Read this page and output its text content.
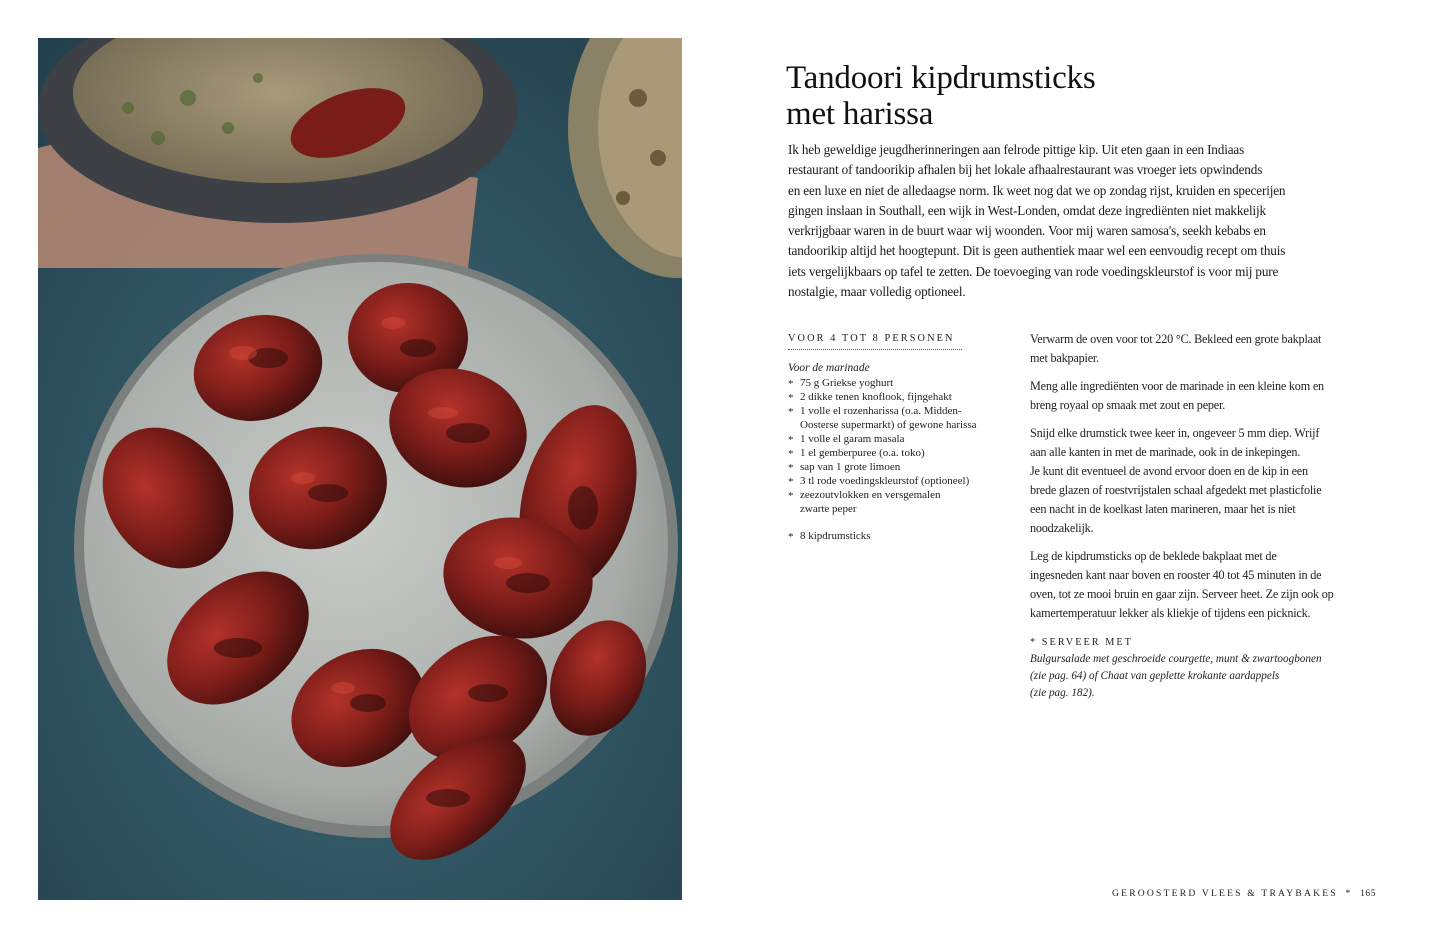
Tandoori kipdrumsticks
met harissa

Ik heb geweldige jeugdherinneringen aan felrode pittige kip. Uit eten gaan in een Indiaas
restaurant of tandoorikip afhalen bij het lokale afhaalrestaurant was vroeger iets opwindends
en een luxe en niet de alledaagse norm. Ik weet nog dat we op zondag rijst, kruiden en specerijen
gingen inslaan in Southall, een wijk in West-Londen, omdat deze ingrediënten niet makkelijk
verkrijgbaar waren in de buurt waar wij woonden. Voor mij waren samosa's, seekh kebabs en
tandoorikip altijd het hoogtepunt. Dit is geen authentiek maar wel een eenvoudig recept om thuis
iets vergelijkbaars op tafel te zetten. De toevoeging van rode voedingskleurstof is voor mij pure
nostalgie, maar volledig optioneel.

VOOR 4 TOT 8 PERSONEN
Voor de marinade
* 75 g Griekse yoghurt
* 2 dikke tenen knoflook, fijngehakt
* 1 volle el rozenharissa (o.a. Midden-
Oosterse supermarkt) of gewone harissa
* 1 volle el garam masala
* 1 el gemberpuree (o.a. toko)
* sap van 1 grote limoen
* 3 tl rode voedingskleurstof (optioneel)
* zeezoutvlokken en versgemalen
zwarte peper
* 8 kipdrumsticks

Verwarm de oven voor tot 220 °C. Bekleed een grote bakplaat
met bakpapier.

Meng alle ingrediënten voor de marinade in een kleine kom en
breng royaal op smaak met zout en peper.

Snijd elke drumstick twee keer in, ongeveer 5 mm diep. Wrijf
aan alle kanten in met de marinade, ook in de inkepingen.
Je kunt dit eventueel de avond ervoor doen en de kip in een
brede glazen of roestvrijstalen schaal afgedekt met plasticfolie
een nacht in de koelkast laten marineren, maar het is niet
noodzakelijk.

Leg de kipdrumsticks op de beklede bakplaat met de
ingesneden kant naar boven en rooster 40 tot 45 minuten in de
oven, tot ze mooi bruin en gaar zijn. Serveer heet. Ze zijn ook op
kamertemperatuur lekker als kliekje of tijdens een picknick.

* SERVEER MET
Bulgursalade met geschroeide courgette, munt & zwartoogbonen
(zie pag. 64) of Chaat van geplette krokante aardappels
(zie pag. 182).
GEROOSTERD VLEES & TRAYBAKES * 165
